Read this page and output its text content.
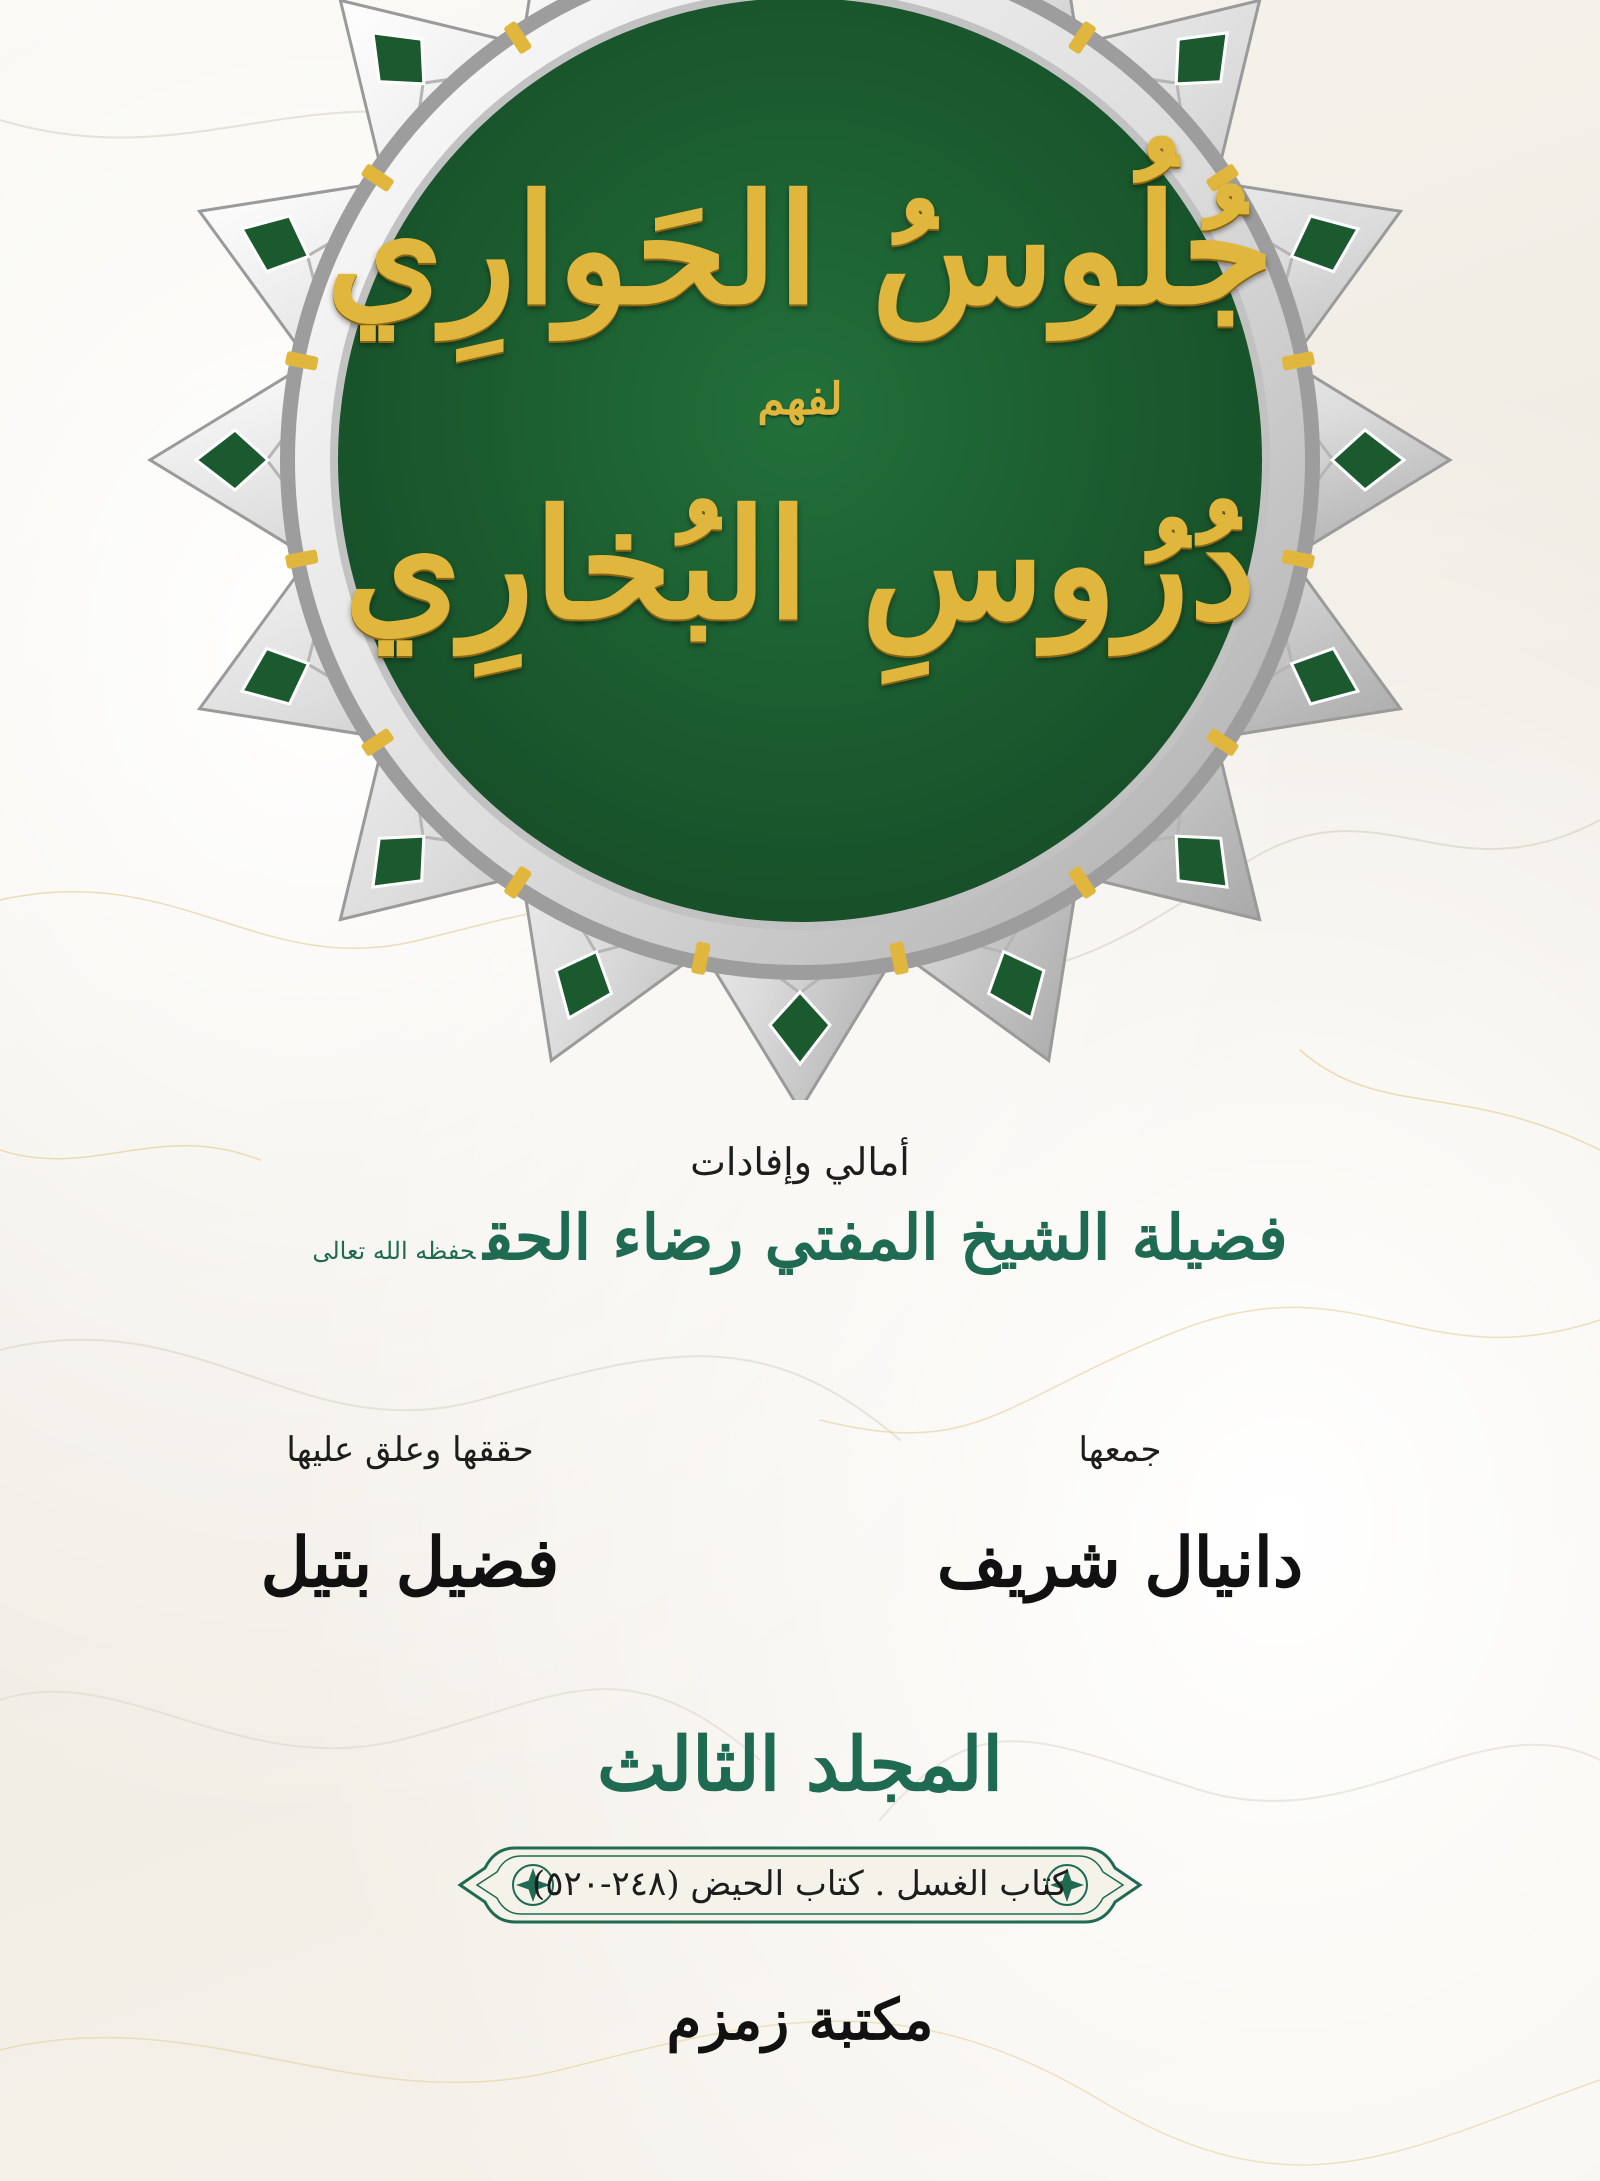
جُلُوسُ الحَوارِي
لفهم
دُرُوسِ البُخارِي
أمالي وإفادات
فضيلة الشيخ المفتي رضاء الحقحفظه الله تعالى
جمعها
دانيال شريف
حققها وعلق عليها
فضيل بتيل
المجلد الثالث
كتاب الغسل . كتاب الحيض (٢٤٨-٥٢٠)
مكتبة زمزم
